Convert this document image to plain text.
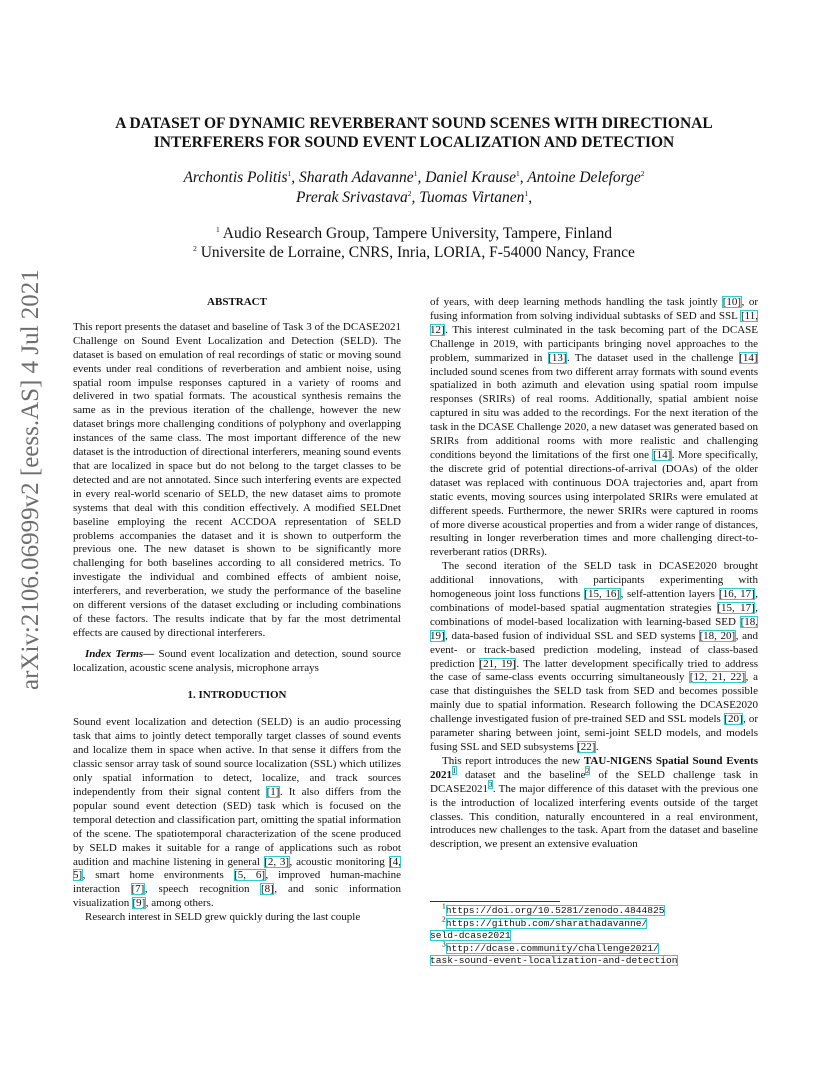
A DATASET OF DYNAMIC REVERBERANT SOUND SCENES WITH DIRECTIONAL INTERFERERS FOR SOUND EVENT LOCALIZATION AND DETECTION
Archontis Politis$^1$, Sharath Adavanne$^1$, Daniel Krause$^1$, Antoine Deleforge$^2$
Prerak Srivastava$^2$, Tuomas Virtanen$^1$,
$^1$ Audio Research Group, Tampere University, Tampere, Finland
$^2$ Universite de Lorraine, CNRS, Inria, LORIA, F-54000 Nancy, France
arXiv:2106.06999v2 [eess.AS] 4 Jul 2021	ABSTRACT

This report presents the dataset and baseline of Task 3 of the DCASE2021 Challenge on Sound Event Localization and Detection (SELD). The dataset is based on emulation of real recordings of static or moving sound events under real conditions of reverberation and ambient noise, using spatial room impulse responses captured in a variety of rooms and delivered in two spatial formats. The acoustical synthesis remains the same as in the previous iteration of the challenge, however the new dataset brings more challenging conditions of polyphony and overlapping instances of the same class. The most important difference of the new dataset is the introduction of directional interferers, meaning sound events that are localized in space but do not belong to the target classes to be detected and are not annotated. Since such interfering events are expected in every real-world scenario of SELD, the new dataset aims to promote systems that deal with this condition effectively. A modified SELDnet baseline employing the recent ACCDOA representation of SELD problems accompanies the dataset and it is shown to outperform the previous one. The new dataset is shown to be significantly more challenging for both baselines according to all considered metrics. To investigate the individual and combined effects of ambient noise, interferers, and reverberation, we study the performance of the baseline on different versions of the dataset excluding or including combinations of these factors. The results indicate that by far the most detrimental effects are caused by directional interferers.

Index Terms— Sound event localization and detection, sound source localization, acoustic scene analysis, microphone arrays

1. INTRODUCTION

Sound event localization and detection (SELD) is an audio processing task that aims to jointly detect temporally target classes of sound events and localize them in space when active. In that sense it differs from the classic sensor array task of sound source localization (SSL) which utilizes only spatial information to detect, localize, and track sources independently from their signal content [1]. It also differs from the popular sound event detection (SED) task which is focused on the temporal detection and classification part, omitting the spatial information of the scene. The spatiotemporal characterization of the scene produced by SELD makes it suitable for a range of applications such as robot audition and machine listening in general [2, 3], acoustic monitoring [4, 5], smart home environments [5, 6], improved human-machine interaction [7], speech recognition [8], and sonic information visualization [9], among others.

Research interest in SELD grew quickly during the last couple

of years, with deep learning methods handling the task jointly [10], or fusing information from solving individual subtasks of SED and SSL [11, 12]. This interest culminated in the task becoming part of the DCASE Challenge in 2019, with participants bringing novel approaches to the problem, summarized in [13]. The dataset used in the challenge [14] included sound scenes from two different array formats with sound events spatialized in both azimuth and elevation using spatial room impulse responses (SRIRs) of real rooms. Additionally, spatial ambient noise captured in situ was added to the recordings. For the next iteration of the task in the DCASE Challenge 2020, a new dataset was generated based on SRIRs from additional rooms with more realistic and challenging conditions beyond the limitations of the first one [14]. More specifically, the discrete grid of potential directions-of-arrival (DOAs) of the older dataset was replaced with continuous DOA trajectories and, apart from static events, moving sources using interpolated SRIRs were emulated at different speeds. Furthermore, the newer SRIRs were captured in rooms of more diverse acoustical properties and from a wider range of distances, resulting in longer reverberation times and more challenging direct-to-reverberant ratios (DRRs).

The second iteration of the SELD task in DCASE2020 brought additional innovations, with participants experimenting with homogeneous joint loss functions [15, 16], self-attention layers [16, 17], combinations of model-based spatial augmentation strategies [15, 17], combinations of model-based localization with learning-based SED [18, 19], data-based fusion of individual SSL and SED systems [18, 20], and event- or track-based prediction modeling, instead of class-based prediction [21, 19]. The latter development specifically tried to address the case of same-class events occurring simultaneously [12, 21, 22], a case that distinguishes the SELD task from SED and becomes possible mainly due to spatial information. Research following the DCASE2020 challenge investigated fusion of pre-trained SED and SSL models [20], or parameter sharing between joint, semi-joint SELD models, and models fusing SSL and SED subsystems [22].

This report introduces the new TAU-NIGENS Spatial Sound Events 2021$^1$ dataset and the baseline$^2$ of the SELD challenge task in DCASE2021$^3$. The major difference of this dataset with the previous one is the introduction of localized interfering events outside of the target classes. This condition, naturally encountered in a real environment, introduces new challenges to the task. Apart from the dataset and baseline description, we present an extensive evaluation

$^1$https://doi.org/10.5281/zenodo.4844825
$^2$https://github.com/sharathadavanne/
seld-dcase2021
$^3$http://dcase.community/challenge2021/
task-sound-event-localization-and-detection
